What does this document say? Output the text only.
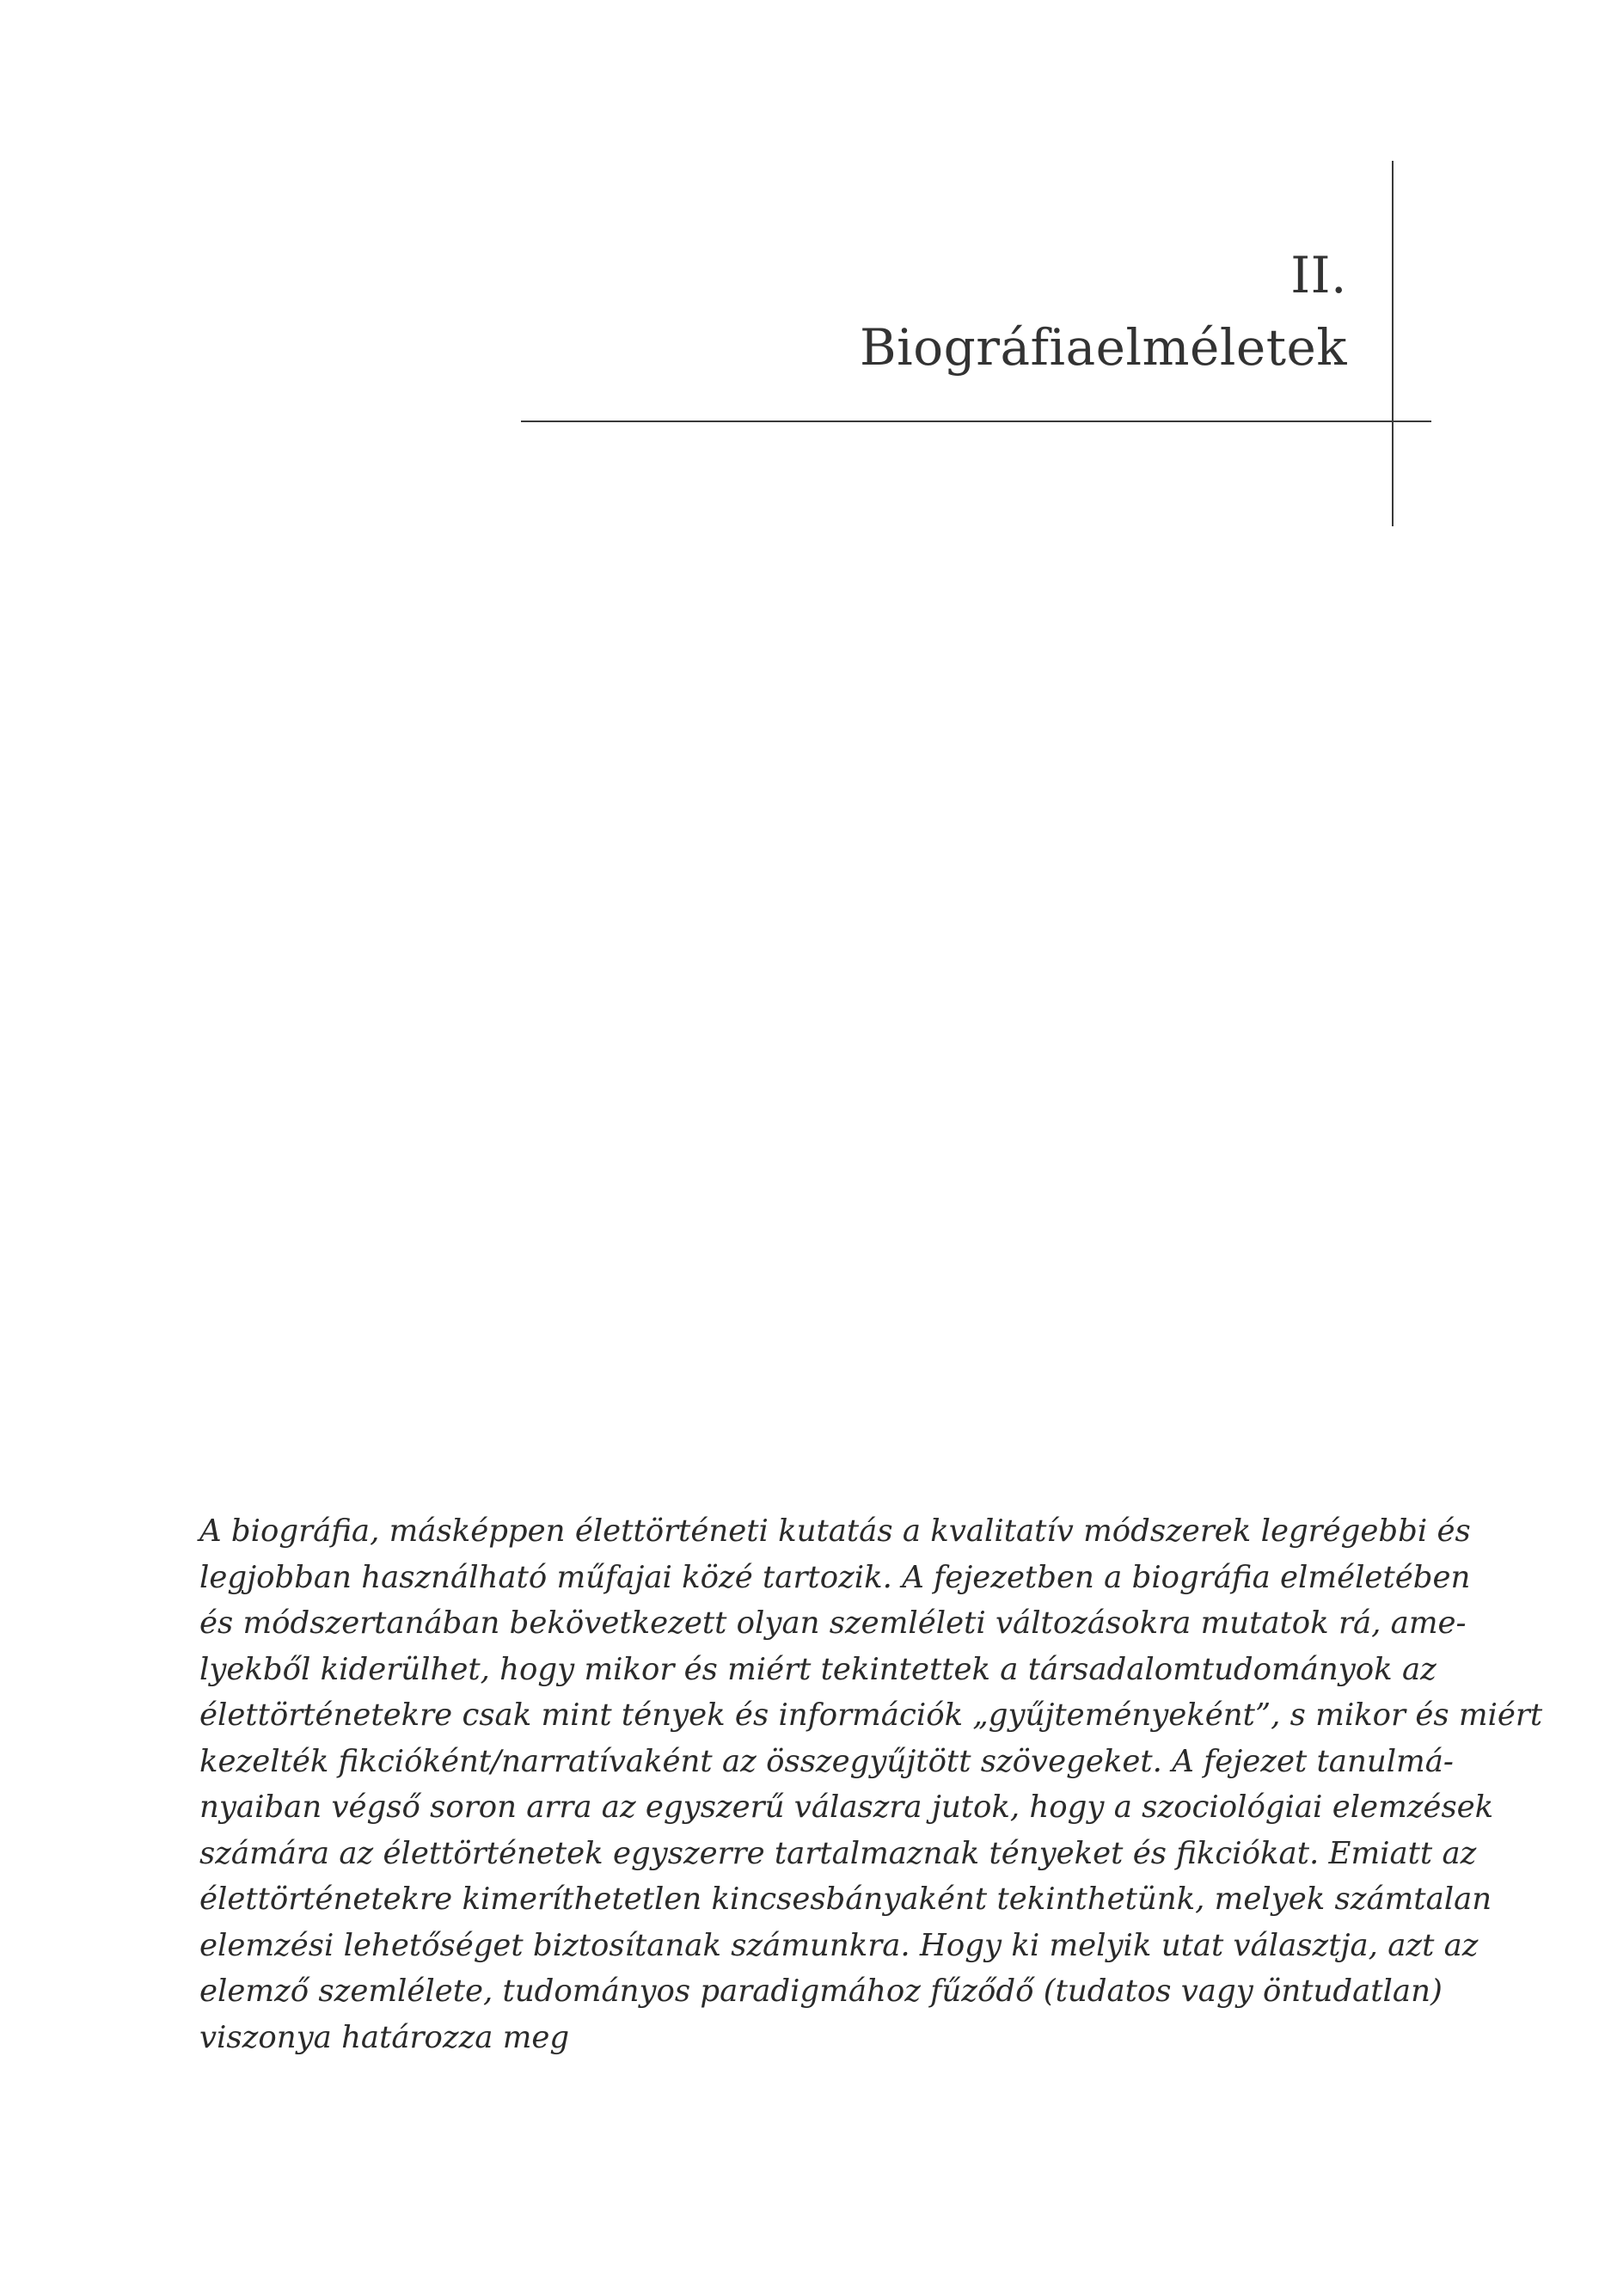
II.
Biográfiaelméletek

A biográfia, másképpen élettörténeti kutatás a kvalitatív módszerek legrégebbi és
legjobban használható műfajai közé tartozik. A fejezetben a biográfia elméletében
és módszertanában bekövetkezett olyan szemléleti változásokra mutatok rá, ame-
lyekből kiderülhet, hogy mikor és miért tekintettek a társadalomtudományok az
élettörténetekre csak mint tények és információk „gyűjteményeként”, s mikor és miért
kezelték fikcióként/narratívaként az összegyűjtött szövegeket. A fejezet tanulmá-
nyaiban végső soron arra az egyszerű válaszra jutok, hogy a szociológiai elemzések
számára az élettörténetek egyszerre tartalmaznak tényeket és fikciókat. Emiatt az
élettörténetekre kimeríthetetlen kincsesbányaként tekinthetünk, melyek számtalan
elemzési lehetőséget biztosítanak számunkra. Hogy ki melyik utat választja, azt az
elemző szemlélete, tudományos paradigmához fűződő (tudatos vagy öntudatlan)
viszonya határozza meg
